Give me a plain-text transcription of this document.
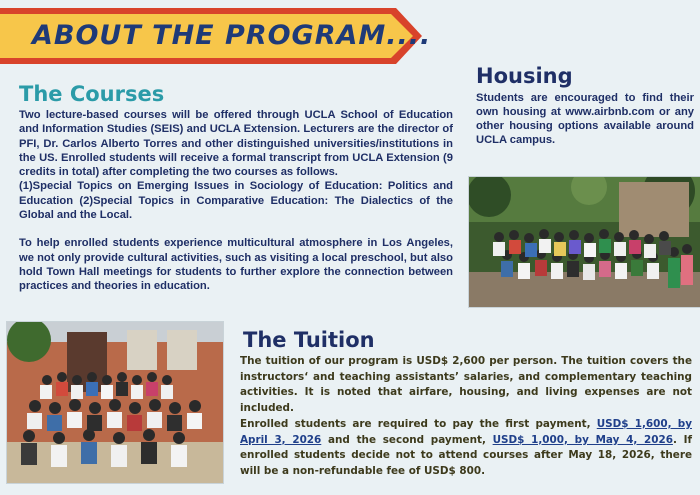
ABOUT THE PROGRAM....
Housing

Students are encouraged to find their own housing at www.airbnb.com or any other housing options available around UCLA campus.

The Courses

Two lecture-based courses will be offered through UCLA School of Education and Information Studies (SEIS) and UCLA Extension. Lecturers are the director of PFI, Dr. Carlos Alberto Torres and other distinguished universities/institutions in the US. Enrolled students will receive a formal transcript from UCLA Extension (9 credits in total) after completing the two courses as follows.

(1)Special Topics on Emerging Issues in Sociology of Education: Politics and Education (2)Special Topics in Comparative Education: The Dialectics of the Global and the Local.

To help enrolled students experience multicultural atmosphere in Los Angeles, we not only provide cultural activities, such as visiting a local preschool, but also hold Town Hall meetings for students to further explore the connection between practices and theories in education.

The Tuition

The tuition of our program is USD$ 2,600 per person. The tuition covers the instructors‘ and teaching assistants’ salaries, and complementary teaching activities. It is noted that airfare, housing, and living expenses are not included.

Enrolled students are required to pay the first payment, USD$ 1,600, by April 3, 2026 and the second payment, USD$ 1,000, by May 4, 2026. If enrolled students decide not to attend courses after May 18, 2026, there will be a non-refundable fee of USD$ 800.
